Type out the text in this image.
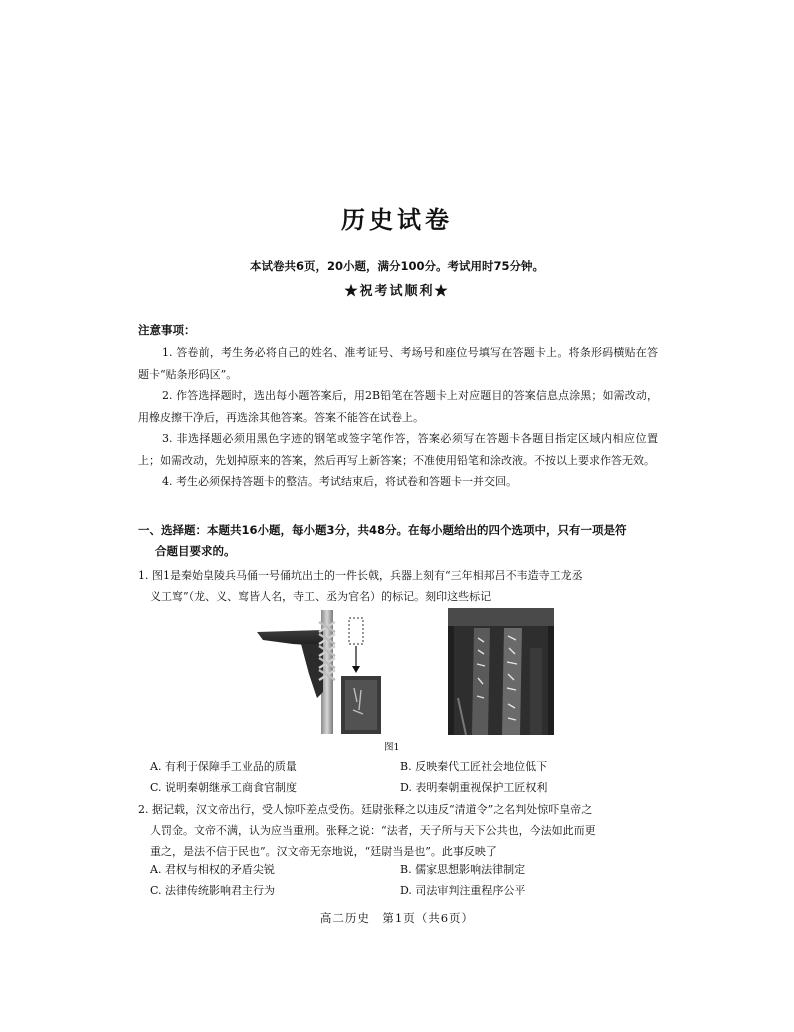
历史试卷
本试卷共6页，20小题，满分100分。考试用时75分钟。
★祝考试顺利★
注意事项：

1. 答卷前，考生务必将自己的姓名、准考证号、考场号和座位号填写在答题卡上。将条形码横贴在答题卡“贴条形码区”。

2. 作答选择题时，选出每小题答案后，用2B铅笔在答题卡上对应题目的答案信息点涂黑；如需改动，用橡皮擦干净后，再选涂其他答案。答案不能答在试卷上。

3. 非选择题必须用黑色字迹的钢笔或签字笔作答，答案必须写在答题卡各题目指定区域内相应位置上；如需改动，先划掉原来的答案，然后再写上新答案；不准使用铅笔和涂改液。不按以上要求作答无效。

4. 考生必须保持答题卡的整洁。考试结束后，将试卷和答题卡一并交回。

一、选择题：本题共16小题，每小题3分，共48分。在每小题给出的四个选项中，只有一项是符
合题目要求的。

1. 图1是秦始皇陵兵马俑一号俑坑出土的一件长戟，兵器上刻有“三年相邦吕不韦造寺工龙丞

义工窎”（龙、义、窎皆人名，寺工、丞为官名）的标记。刻印这些标记

图1
A. 有利于保障手工业品的质量	B. 反映秦代工匠社会地位低下
C. 说明秦朝继承工商食官制度	D. 表明秦朝重视保护工匠权利

2. 据记载，汉文帝出行，受人惊吓差点受伤。廷尉张释之以违反“清道令”之名判处惊吓皇帝之

人罚金。文帝不满，认为应当重刑。张释之说：“法者，天子所与天下公共也，今法如此而更

重之，是法不信于民也”。汉文帝无奈地说，“廷尉当是也”。此事反映了

A. 君权与相权的矛盾尖锐	B. 儒家思想影响法律制定
C. 法律传统影响君主行为	D. 司法审判注重程序公平
高二历史　第1页（共6页）
